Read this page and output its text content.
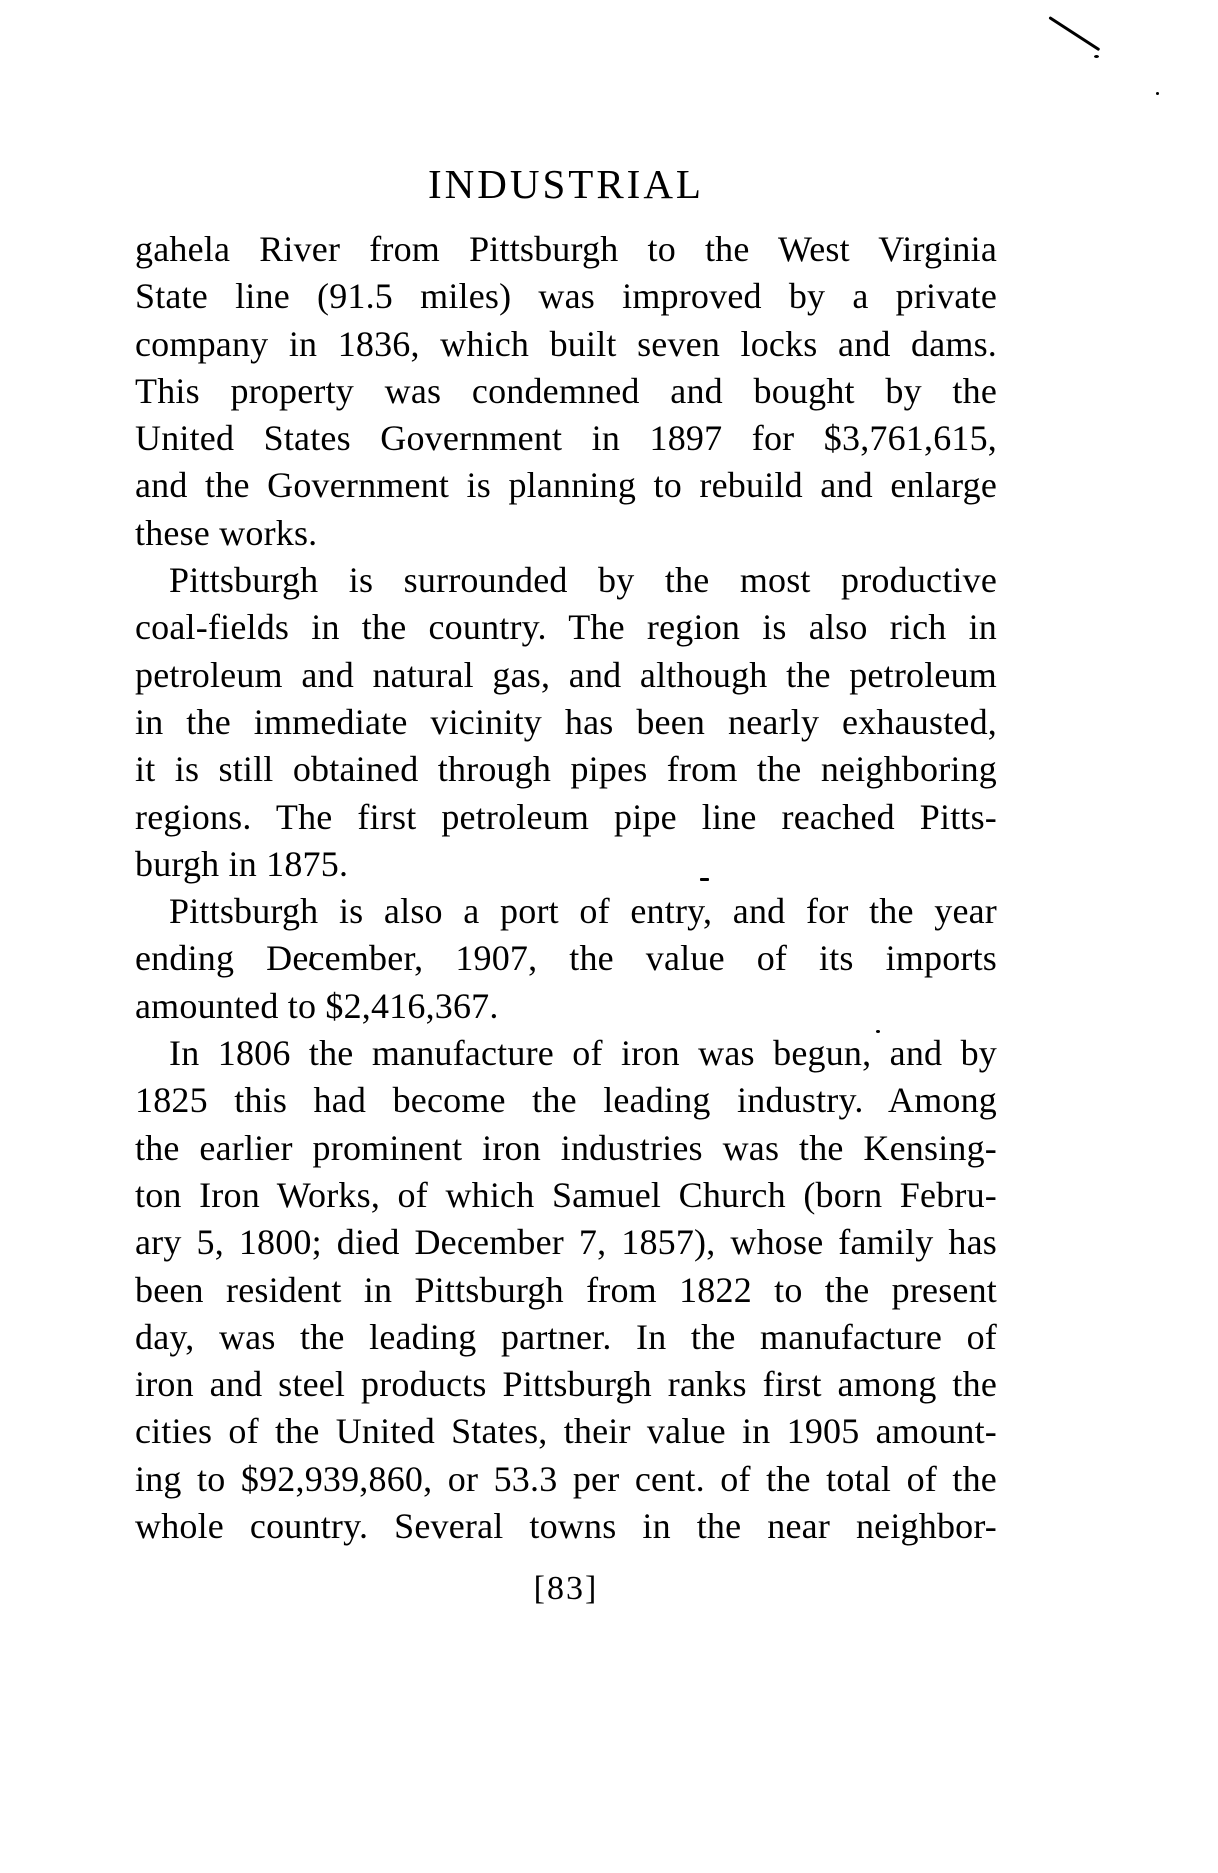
INDUSTRIAL
gahela River from Pittsburgh to the West Virginia
State line (91.5 miles) was improved by a private
company in 1836, which built seven locks and dams.
This property was condemned and bought by the
United States Government in 1897 for $3,761,615,
and the Government is planning to rebuild and enlarge
these works.
Pittsburgh is surrounded by the most productive
coal-fields in the country. The region is also rich in
petroleum and natural gas, and although the petroleum
in the immediate vicinity has been nearly exhausted,
it is still obtained through pipes from the neighboring
regions. The first petroleum pipe line reached Pitts-
burgh in 1875.
Pittsburgh is also a port of entry, and for the year
ending December, 1907, the value of its imports
amounted to $2,416,367.
In 1806 the manufacture of iron was begun, and by
1825 this had become the leading industry. Among
the earlier prominent iron industries was the Kensing-
ton Iron Works, of which Samuel Church (born Febru-
ary 5, 1800; died December 7, 1857), whose family has
been resident in Pittsburgh from 1822 to the present
day, was the leading partner. In the manufacture of
iron and steel products Pittsburgh ranks first among the
cities of the United States, their value in 1905 amount-
ing to $92,939,860, or 53.3 per cent. of the total of the
whole country. Several towns in the near neighbor-
[83]
